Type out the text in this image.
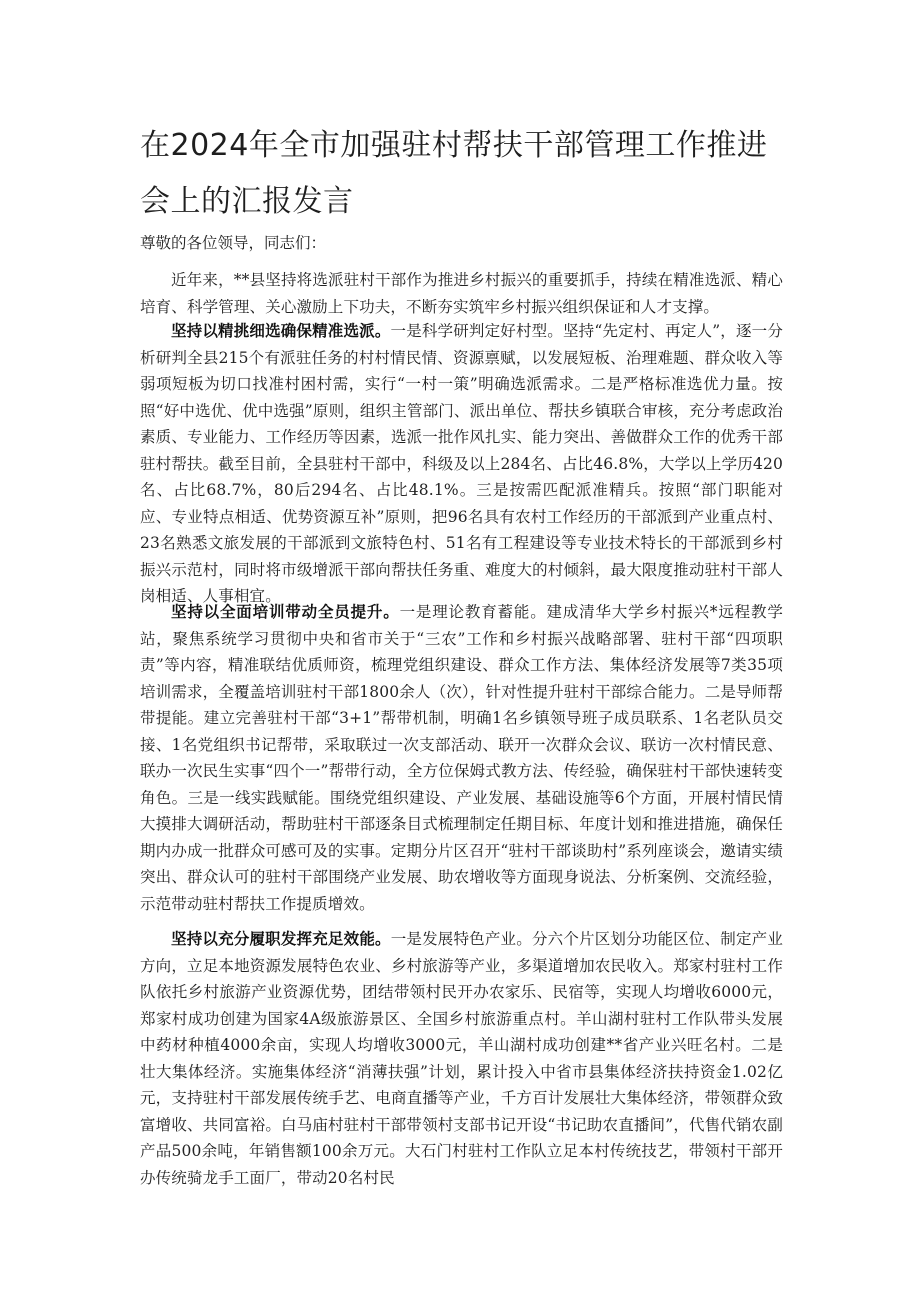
在2024年全市加强驻村帮扶干部管理工作推进会上的汇报发言

尊敬的各位领导，同志们：

近年来，**县坚持将选派驻村干部作为推进乡村振兴的重要抓手，持续在精准选派、精心培育、科学管理、关心激励上下功夫，不断夯实筑牢乡村振兴组织保证和人才支撑。

坚持以精挑细选确保精准选派。一是科学研判定好村型。坚持“先定村、再定人”，逐一分析研判全县215个有派驻任务的村村情民情、资源禀赋，以发展短板、治理难题、群众收入等弱项短板为切口找准村困村需，实行“一村一策”明确选派需求。二是严格标准选优力量。按照“好中选优、优中选强”原则，组织主管部门、派出单位、帮扶乡镇联合审核，充分考虑政治素质、专业能力、工作经历等因素，选派一批作风扎实、能力突出、善做群众工作的优秀干部驻村帮扶。截至目前，全县驻村干部中，科级及以上284名、占比46.8%，大学以上学历420名、占比68.7%，80后294名、占比48.1%。三是按需匹配派准精兵。按照“部门职能对应、专业特点相适、优势资源互补”原则，把96名具有农村工作经历的干部派到产业重点村、23名熟悉文旅发展的干部派到文旅特色村、51名有工程建设等专业技术特长的干部派到乡村振兴示范村，同时将市级增派干部向帮扶任务重、难度大的村倾斜，最大限度推动驻村干部人岗相适、人事相宜。

坚持以全面培训带动全员提升。一是理论教育蓄能。建成清华大学乡村振兴*远程教学站，聚焦系统学习贯彻中央和省市关于“三农”工作和乡村振兴战略部署、驻村干部“四项职责”等内容，精准联结优质师资，梳理党组织建设、群众工作方法、集体经济发展等7类35项培训需求，全覆盖培训驻村干部1800余人（次），针对性提升驻村干部综合能力。二是导师帮带提能。建立完善驻村干部“3+1”帮带机制，明确1名乡镇领导班子成员联系、1名老队员交接、1名党组织书记帮带，采取联过一次支部活动、联开一次群众会议、联访一次村情民意、联办一次民生实事“四个一”帮带行动，全方位保姆式教方法、传经验，确保驻村干部快速转变角色。三是一线实践赋能。围绕党组织建设、产业发展、基础设施等6个方面，开展村情民情大摸排大调研活动，帮助驻村干部逐条目式梳理制定任期目标、年度计划和推进措施，确保任期内办成一批群众可感可及的实事。定期分片区召开“驻村干部谈助村”系列座谈会，邀请实绩突出、群众认可的驻村干部围绕产业发展、助农增收等方面现身说法、分析案例、交流经验，示范带动驻村帮扶工作提质增效。

坚持以充分履职发挥充足效能。一是发展特色产业。分六个片区划分功能区位、制定产业方向，立足本地资源发展特色农业、乡村旅游等产业，多渠道增加农民收入。郑家村驻村工作队依托乡村旅游产业资源优势，团结带领村民开办农家乐、民宿等，实现人均增收6000元，郑家村成功创建为国家4A级旅游景区、全国乡村旅游重点村。羊山湖村驻村工作队带头发展中药材种植4000余亩，实现人均增收3000元，羊山湖村成功创建**省产业兴旺名村。二是壮大集体经济。实施集体经济“消薄扶强”计划，累计投入中省市县集体经济扶持资金1.02亿元，支持驻村干部发展传统手艺、电商直播等产业，千方百计发展壮大集体经济，带领群众致富增收、共同富裕。白马庙村驻村干部带领村支部书记开设“书记助农直播间”，代售代销农副产品500余吨，年销售额100余万元。大石门村驻村工作队立足本村传统技艺，带领村干部开办传统骑龙手工面厂，带动20名村民
